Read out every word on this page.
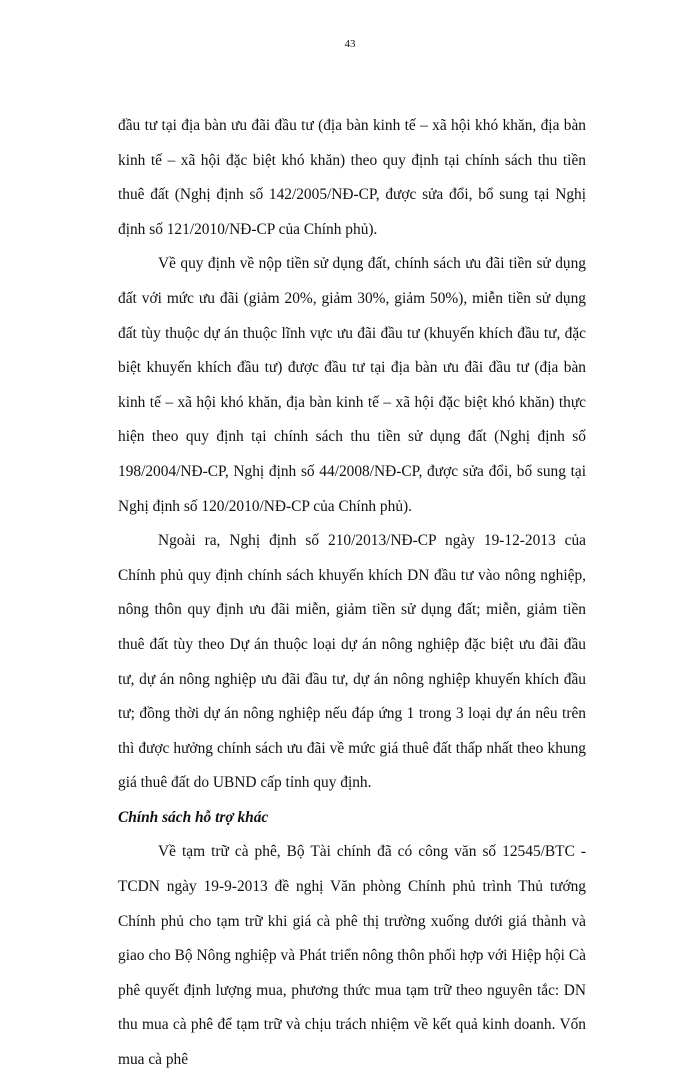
43

đầu tư tại địa bàn ưu đãi đầu tư (địa bàn kinh tế – xã hội khó khăn, địa bàn kinh tế – xã hội đặc biệt khó khăn) theo quy định tại chính sách thu tiền thuê đất (Nghị định số 142/2005/NĐ-CP, được sửa đổi, bổ sung tại Nghị định số 121/2010/NĐ-CP của Chính phủ).

Về quy định về nộp tiền sử dụng đất, chính sách ưu đãi tiền sử dụng đất với mức ưu đãi (giảm 20%, giảm 30%, giảm 50%), miễn tiền sử dụng đất tùy thuộc dự án thuộc lĩnh vực ưu đãi đầu tư (khuyến khích đầu tư, đặc biệt khuyến khích đầu tư) được đầu tư tại địa bàn ưu đãi đầu tư (địa bàn kinh tế – xã hội khó khăn, địa bàn kinh tế – xã hội đặc biệt khó khăn) thực hiện theo quy định tại chính sách thu tiền sử dụng đất (Nghị định số 198/2004/NĐ-CP, Nghị định số 44/2008/NĐ-CP, được sửa đổi, bổ sung tại Nghị định số 120/2010/NĐ-CP của Chính phủ).

Ngoài ra, Nghị định số 210/2013/NĐ-CP ngày 19-12-2013 của Chính phủ quy định chính sách khuyến khích DN đầu tư vào nông nghiệp, nông thôn quy định ưu đãi miễn, giảm tiền sử dụng đất; miễn, giảm tiền thuê đất tùy theo Dự án thuộc loại dự án nông nghiệp đặc biệt ưu đãi đầu tư, dự án nông nghiệp ưu đãi đầu tư, dự án nông nghiệp khuyến khích đầu tư; đồng thời dự án nông nghiệp nếu đáp ứng 1 trong 3 loại dự án nêu trên thì được hưởng chính sách ưu đãi về mức giá thuê đất thấp nhất theo khung giá thuê đất do UBND cấp tỉnh quy định.

Chính sách hỗ trợ khác

Về tạm trữ cà phê, Bộ Tài chính đã có công văn số 12545/BTC -TCDN ngày 19-9-2013 đề nghị Văn phòng Chính phủ trình Thủ tướng Chính phủ cho tạm trữ khi giá cà phê thị trường xuống dưới giá thành và giao cho Bộ Nông nghiệp và Phát triển nông thôn phối hợp với Hiệp hội Cà phê quyết định lượng mua, phương thức mua tạm trữ theo nguyên tắc: DN thu mua cà phê để tạm trữ và chịu trách nhiệm về kết quả kinh doanh. Vốn mua cà phê
